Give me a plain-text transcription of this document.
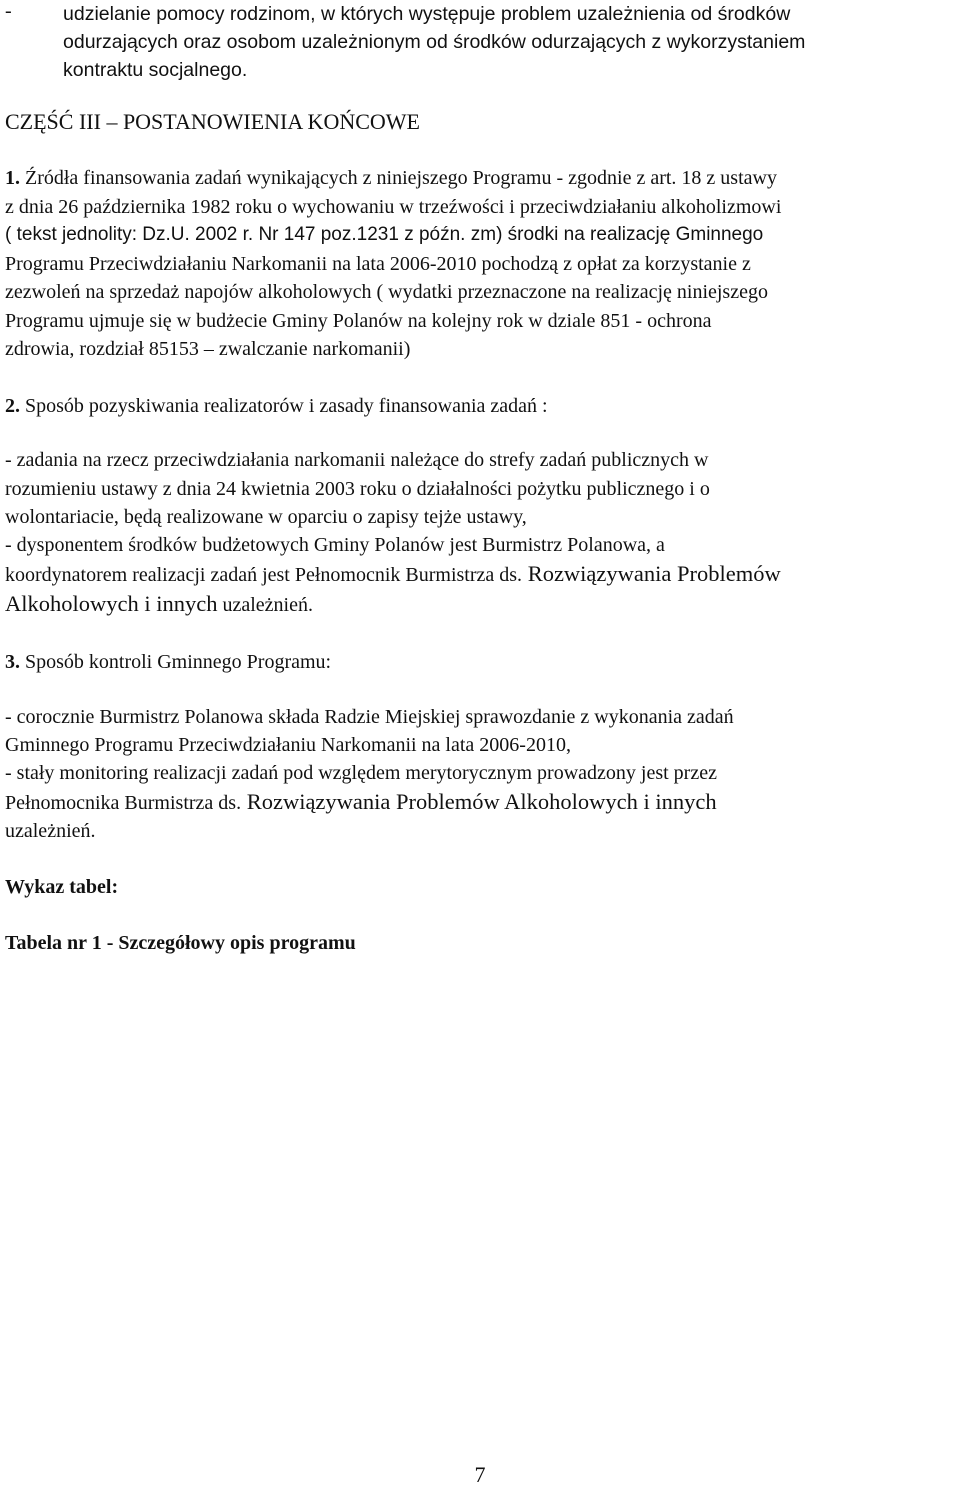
-	udzielanie pomocy rodzinom, w których występuje problem uzależnienia od środków
odurzających oraz osobom uzależnionym od środków odurzających z wykorzystaniem
kontraktu socjalnego.
CZĘŚĆ III – POSTANOWIENIA KOŃCOWE
1. Źródła finansowania zadań wynikających z niniejszego Programu - zgodnie z art. 18 z ustawy
z dnia 26 października 1982 roku o wychowaniu w trzeźwości i przeciwdziałaniu alkoholizmowi
( tekst jednolity: Dz.U. 2002 r. Nr 147 poz.1231 z późn. zm) środki na realizację Gminnego
Programu Przeciwdziałaniu Narkomanii na lata 2006-2010 pochodzą z opłat za korzystanie z
zezwoleń na sprzedaż napojów alkoholowych ( wydatki przeznaczone na realizację niniejszego
Programu ujmuje się w budżecie Gminy Polanów na kolejny rok w dziale 851 - ochrona
zdrowia, rozdział 85153 – zwalczanie narkomanii)
2. Sposób pozyskiwania realizatorów i zasady finansowania zadań :
- zadania na rzecz przeciwdziałania narkomanii należące do strefy zadań publicznych w
rozumieniu ustawy z dnia 24 kwietnia 2003 roku o działalności pożytku publicznego i o
wolontariacie, będą realizowane w oparciu o zapisy tejże ustawy,
- dysponentem środków budżetowych Gminy Polanów jest Burmistrz Polanowa, a
koordynatorem realizacji zadań jest Pełnomocnik Burmistrza ds. Rozwiązywania Problemów
Alkoholowych i innych uzależnień.
3. Sposób kontroli Gminnego Programu:
- corocznie Burmistrz Polanowa składa Radzie Miejskiej sprawozdanie z wykonania zadań
Gminnego Programu Przeciwdziałaniu Narkomanii na lata 2006-2010,
- stały monitoring realizacji zadań pod względem merytorycznym prowadzony jest przez
Pełnomocnika Burmistrza ds. Rozwiązywania Problemów Alkoholowych i innych
uzależnień.
Wykaz tabel:
Tabela nr 1 - Szczegółowy opis programu
7
